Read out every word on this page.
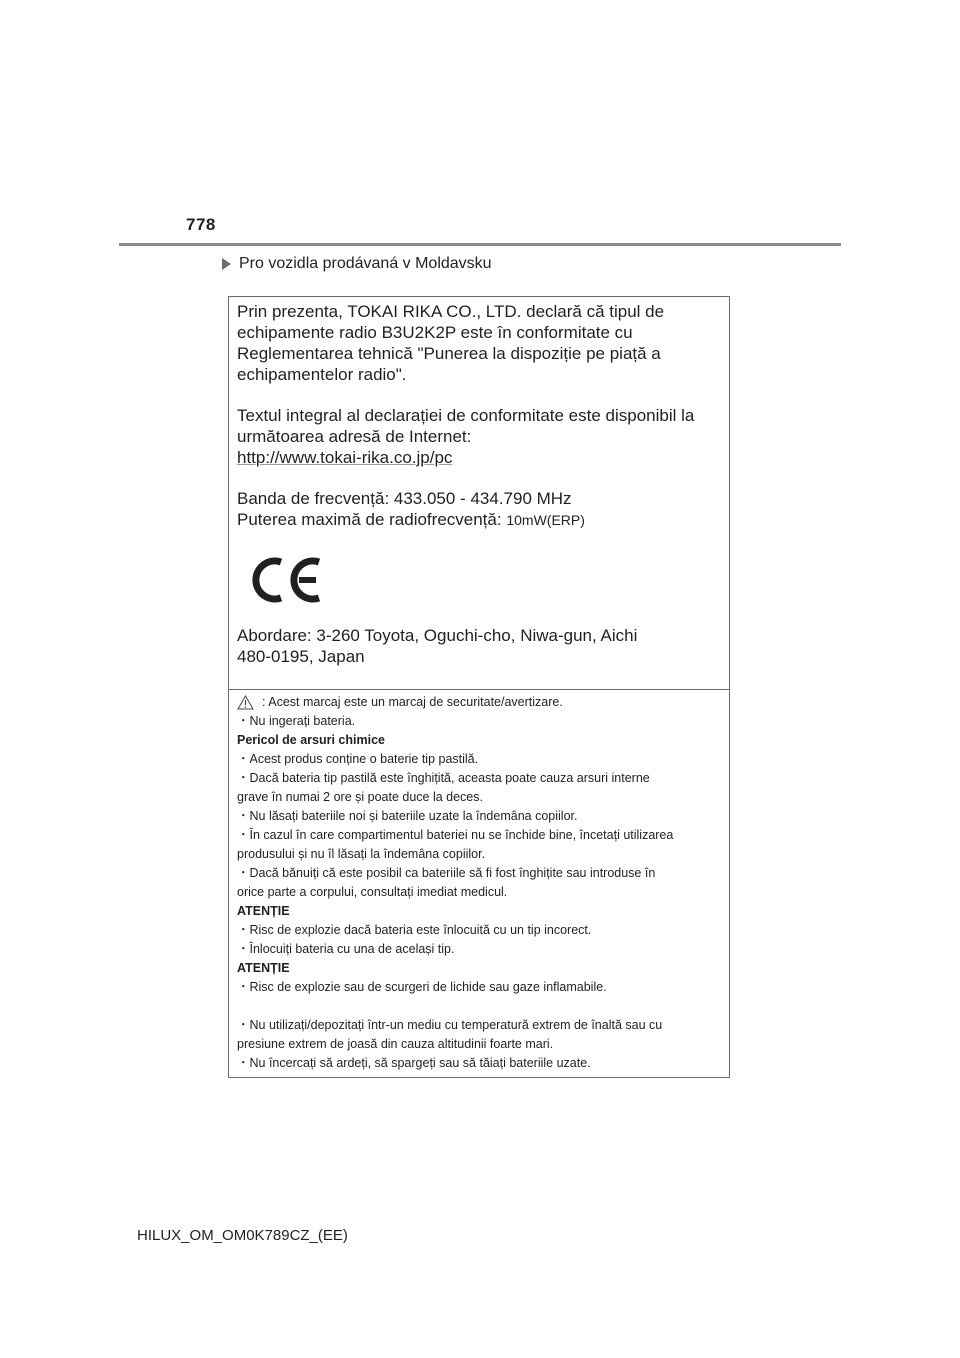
778
Pro vozidla prodávaná v Moldavsku

Prin prezenta, TOKAI RIKA CO., LTD. declară că tipul de

echipamente radio B3U2K2P este în conformitate cu

Reglementarea tehnică "Punerea la dispoziție pe piață a

echipamentelor radio".

Textul integral al declarației de conformitate este disponibil la

următoarea adresă de Internet:

http://www.tokai-rika.co.jp/pc

Banda de frecvență: 433.050 - 434.790 MHz

Puterea maximă de radiofrecvență: 10mW(ERP)

Abordare: 3-260 Toyota, Oguchi-cho, Niwa-gun, Aichi

480-0195, Japan

: Acest marcaj este un marcaj de securitate/avertizare.

・Nu ingerați bateria.

Pericol de arsuri chimice

・Acest produs conține o baterie tip pastilă.

・Dacă bateria tip pastilă este înghițită, aceasta poate cauza arsuri interne

grave în numai 2 ore și poate duce la deces.

・Nu lăsați bateriile noi și bateriile uzate la îndemâna copiilor.

・În cazul în care compartimentul bateriei nu se închide bine, încetați utilizarea

produsului și nu îl lăsați la îndemâna copiilor.

・Dacă bănuiți că este posibil ca bateriile să fi fost înghițite sau introduse în

orice parte a corpului, consultați imediat medicul.

ATENȚIE

・Risc de explozie dacă bateria este înlocuită cu un tip incorect.

・Înlocuiți bateria cu una de același tip.

ATENȚIE

・Risc de explozie sau de scurgeri de lichide sau gaze inflamabile.

・Nu utilizați/depozitați într-un mediu cu temperatură extrem de înaltă sau cu

presiune extrem de joasă din cauza altitudinii foarte mari.

・Nu încercați să ardeți, să spargeți sau să tăiați bateriile uzate.

HILUX_OM_OM0K789CZ_(EE)
